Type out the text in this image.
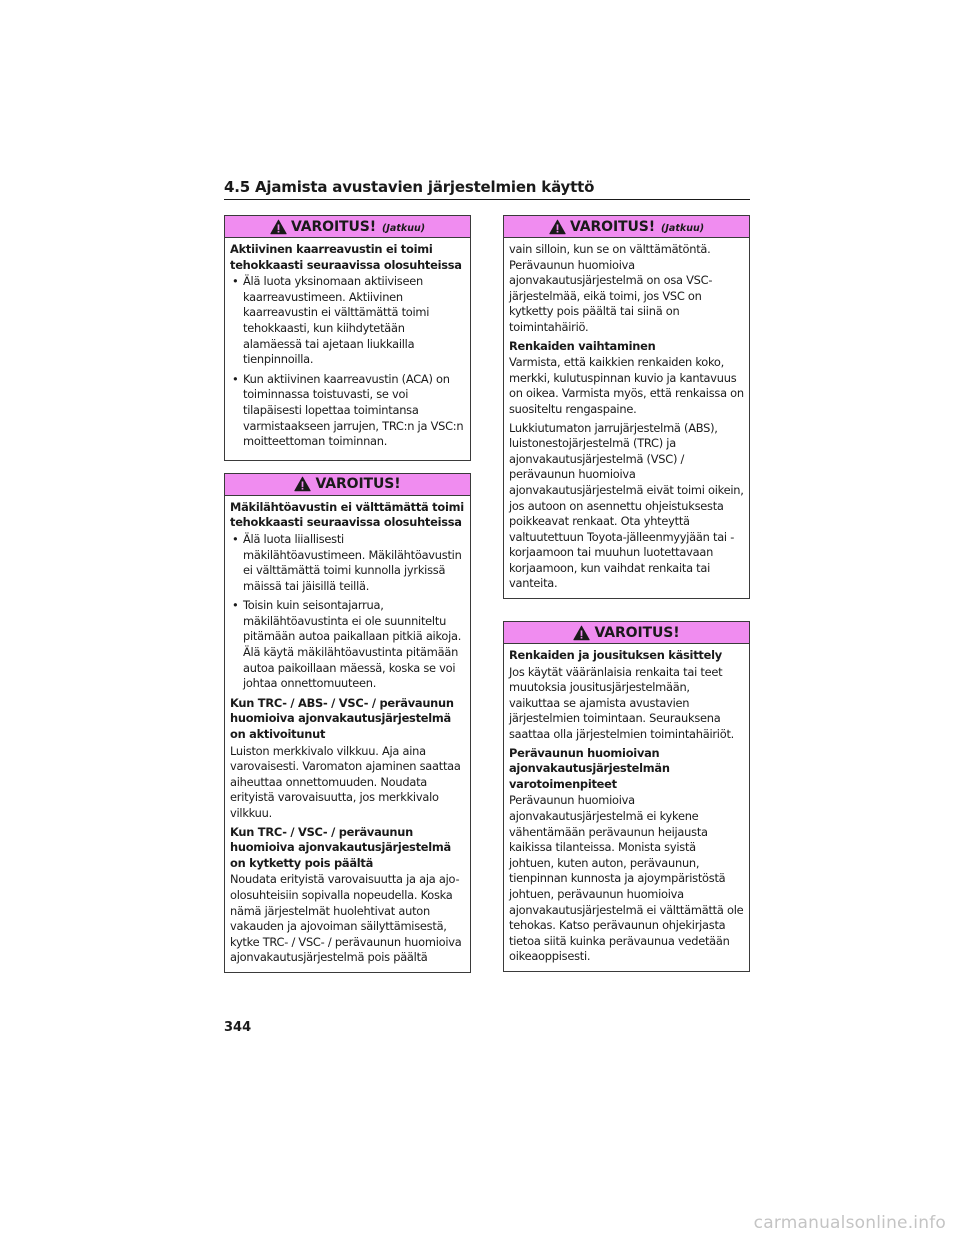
4.5 Ajamista avustavien järjestelmien käyttö
VAROITUS! (Jatkuu)
Aktiivinen kaarreavustin ei toimi tehokkaasti seuraavissa olosuhteissa
• Älä luota yksinomaan aktiiviseen kaarreavustimeen. Aktiivinen kaarreavustin ei välttämättä toimi tehokkaasti, kun kiihdytetään alamäessä tai ajetaan liukkailla tienpinnoilla.
• Kun aktiivinen kaarreavustin (ACA) on toiminnassa toistuvasti, se voi tilapäisesti lopettaa toimintansa varmistaakseen jarrujen, TRC:n ja VSC:n moitteettoman toiminnan.
VAROITUS!
Mäkilähtöavustin ei välttämättä toimi tehokkaasti seuraavissa olosuhteissa
• Älä luota liiallisesti mäkilähtöavustimeen. Mäkilähtöavustin ei välttämättä toimi kunnolla jyrkissä mäissä tai jäisillä teillä.
• Toisin kuin seisontajarrua, mäkilähtöavustinta ei ole suunniteltu pitämään autoa paikallaan pitkiä aikoja. Älä käytä mäkilähtöavustinta pitämään autoa paikoillaan mäessä, koska se voi johtaa onnettomuuteen.
Kun TRC- / ABS- / VSC- / perävaunun huomioiva ajonvakautusjärjestelmä on aktivoitunut
Luiston merkkivalo vilkkuu. Aja aina varovaisesti. Varomaton ajaminen saattaa aiheuttaa onnettomuuden. Noudata erityistä varovaisuutta, jos merkkivalo vilkkuu.
Kun TRC- / VSC- / perävaunun huomioiva ajonvakautusjärjestelmä on kytketty pois päältä
Noudata erityistä varovaisuutta ja aja ajo-olosuhteisiin sopivalla nopeudella. Koska nämä järjestelmät huolehtivat auton vakauden ja ajovoiman säilyttämisestä, kytke TRC- / VSC- / perävaunun huomioiva ajonvakautusjärjestelmä pois päältä
VAROITUS! (Jatkuu)
vain silloin, kun se on välttämätöntä. Perävaunun huomioiva ajonvakautusjärjestelmä on osa VSC-järjestelmää, eikä toimi, jos VSC on kytketty pois päältä tai siinä on toimintahäiriö.
Renkaiden vaihtaminen
Varmista, että kaikkien renkaiden koko, merkki, kulutuspinnan kuvio ja kantavuus on oikea. Varmista myös, että renkaissa on suositeltu rengaspaine.
Lukkiutumaton jarrujärjestelmä (ABS), luistonestojärjestelmä (TRC) ja ajonvakautusjärjestelmä (VSC) / perävaunun huomioiva ajonvakautusjärjestelmä eivät toimi oikein, jos autoon on asennettu ohjeistuksesta poikkeavat renkaat. Ota yhteyttä valtuutettuun Toyota-jälleenmyyjään tai -korjaamoon tai muuhun luotettavaan korjaamoon, kun vaihdat renkaita tai vanteita.
VAROITUS!
Renkaiden ja jousituksen käsittely
Jos käytät vääränlaisia renkaita tai teet muutoksia jousitusjärjestelmään, vaikuttaa se ajamista avustavien järjestelmien toimintaan. Seurauksena saattaa olla järjestelmien toimintahäiriöt.
Perävaunun huomioivan ajonvakautusjärjestelmän varotoimenpiteet
Perävaunun huomioiva ajonvakautusjärjestelmä ei kykene vähentämään perävaunun heijausta kaikissa tilanteissa. Monista syistä johtuen, kuten auton, perävaunun, tienpinnan kunnosta ja ajoympäristöstä johtuen, perävaunun huomioiva ajonvakautusjärjestelmä ei välttämättä ole tehokas. Katso perävaunun ohjekirjasta tietoa siitä kuinka perävaunua vedetään oikeaoppisesti.
344
carmanualsonline.info
